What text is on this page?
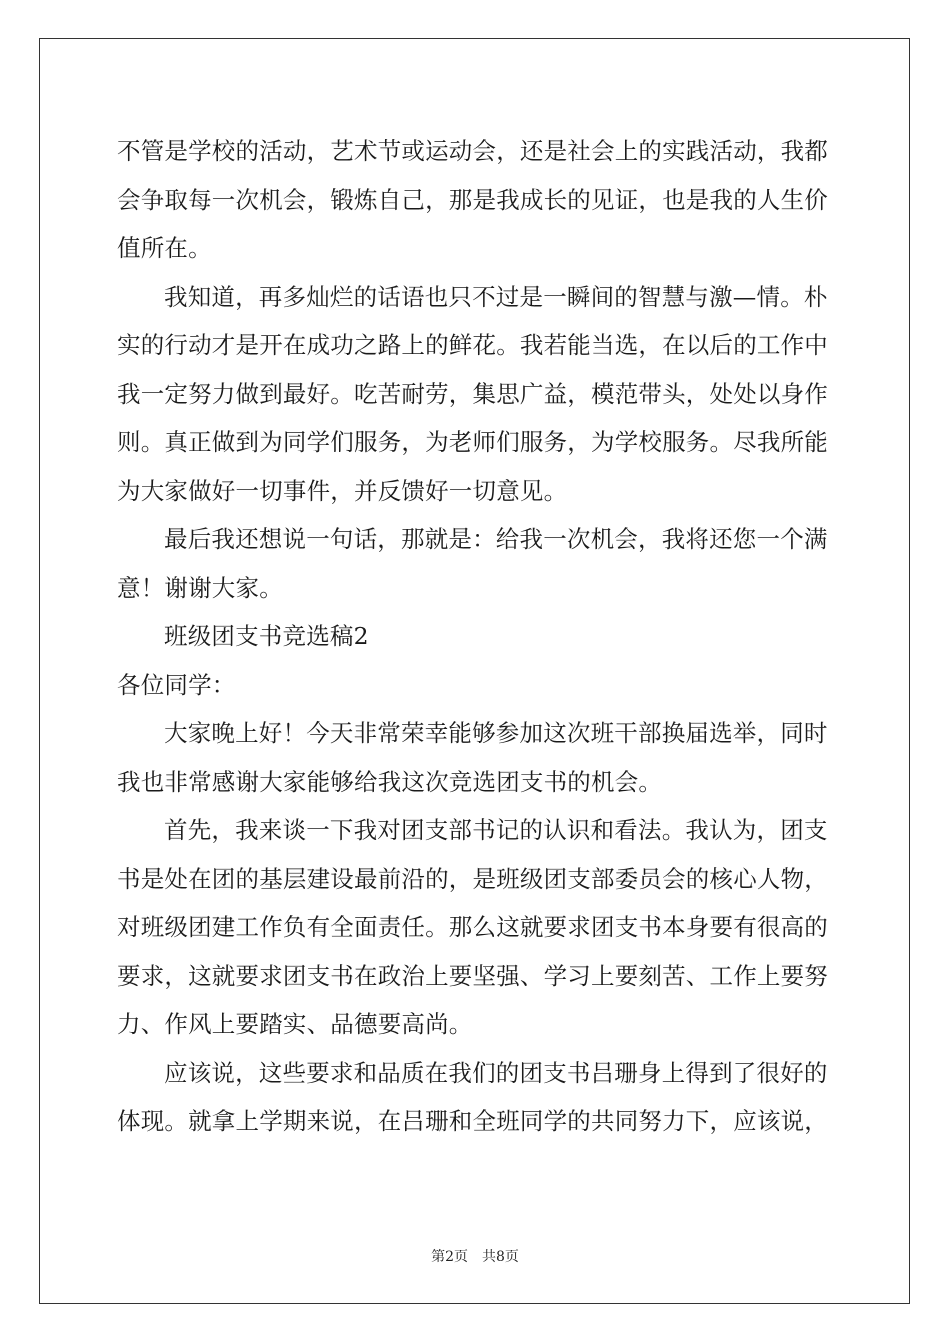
不管是学校的活动，艺术节或运动会，还是社会上的实践活动，我都
会争取每一次机会，锻炼自己，那是我成长的见证，也是我的人生价
值所在。
我知道，再多灿烂的话语也只不过是一瞬间的智慧与激—情。朴
实的行动才是开在成功之路上的鲜花。我若能当选，在以后的工作中
我一定努力做到最好。吃苦耐劳，集思广益，模范带头，处处以身作
则。真正做到为同学们服务，为老师们服务，为学校服务。尽我所能
为大家做好一切事件，并反馈好一切意见。
最后我还想说一句话，那就是：给我一次机会，我将还您一个满
意！谢谢大家。
班级团支书竞选稿2
各位同学：
大家晚上好！今天非常荣幸能够参加这次班干部换届选举，同时
我也非常感谢大家能够给我这次竞选团支书的机会。
首先，我来谈一下我对团支部书记的认识和看法。我认为，团支
书是处在团的基层建设最前沿的，是班级团支部委员会的核心人物，
对班级团建工作负有全面责任。那么这就要求团支书本身要有很高的
要求，这就要求团支书在政治上要坚强、学习上要刻苦、工作上要努
力、作风上要踏实、品德要高尚。
应该说，这些要求和品质在我们的团支书吕珊身上得到了很好的
体现。就拿上学期来说，在吕珊和全班同学的共同努力下，应该说，
第2页　共8页
